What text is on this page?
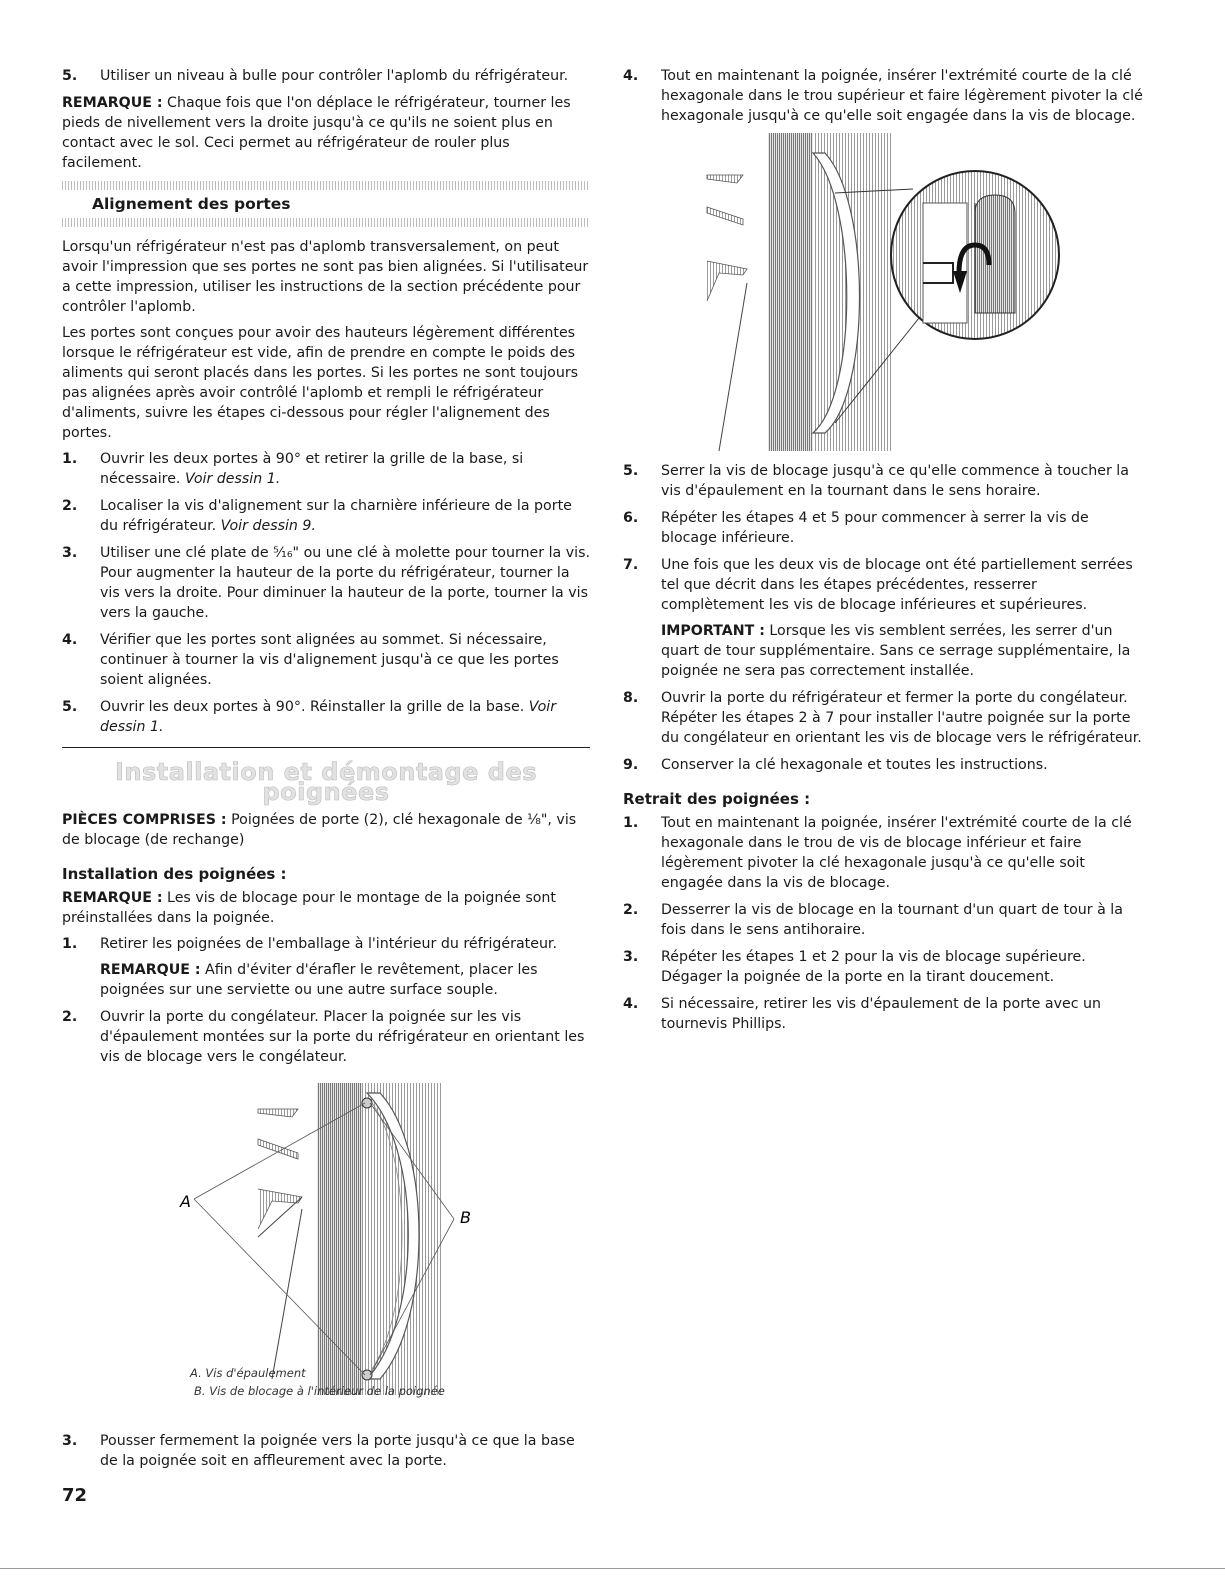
5. Utiliser un niveau à bulle pour contrôler l'aplomb du réfrigérateur.

REMARQUE : Chaque fois que l'on déplace le réfrigérateur, tourner les pieds de nivellement vers la droite jusqu'à ce qu'ils ne soient plus en contact avec le sol. Ceci permet au réfrigérateur de rouler plus facilement.

Alignement des portes

Lorsqu'un réfrigérateur n'est pas d'aplomb transversalement, on peut avoir l'impression que ses portes ne sont pas bien alignées. Si l'utilisateur a cette impression, utiliser les instructions de la section précédente pour contrôler l'aplomb.

Les portes sont conçues pour avoir des hauteurs légèrement différentes lorsque le réfrigérateur est vide, afin de prendre en compte le poids des aliments qui seront placés dans les portes. Si les portes ne sont toujours pas alignées après avoir contrôlé l'aplomb et rempli le réfrigérateur d'aliments, suivre les étapes ci-dessous pour régler l'alignement des portes.

1. Ouvrir les deux portes à 90° et retirer la grille de la base, si nécessaire. Voir dessin 1.
2. Localiser la vis d'alignement sur la charnière inférieure de la porte du réfrigérateur. Voir dessin 9.
3. Utiliser une clé plate de ⁵⁄₁₆" ou une clé à molette pour tourner la vis. Pour augmenter la hauteur de la porte du réfrigérateur, tourner la vis vers la droite. Pour diminuer la hauteur de la porte, tourner la vis vers la gauche.
4. Vérifier que les portes sont alignées au sommet. Si nécessaire, continuer à tourner la vis d'alignement jusqu'à ce que les portes soient alignées.
5. Ouvrir les deux portes à 90°. Réinstaller la grille de la base. Voir dessin 1.
Installation et démontage des poignées

PIÈCES COMPRISES : Poignées de porte (2), clé hexagonale de ⅛", vis de blocage (de rechange)

Installation des poignées :

REMARQUE : Les vis de blocage pour le montage de la poignée sont préinstallées dans la poignée.

1. Retirer les poignées de l'emballage à l'intérieur du réfrigérateur.
REMARQUE : Afin d'éviter d'érafler le revêtement, placer les poignées sur une serviette ou une autre surface souple.
2. Ouvrir la porte du congélateur. Placer la poignée sur les vis d'épaulement montées sur la porte du réfrigérateur en orientant les vis de blocage vers le congélateur.
A
B
A. Vis d'épaulement
B. Vis de blocage à l'intérieur de la poignée
3. Pousser fermement la poignée vers la porte jusqu'à ce que la base de la poignée soit en affleurement avec la porte.
4. Tout en maintenant la poignée, insérer l'extrémité courte de la clé hexagonale dans le trou supérieur et faire légèrement pivoter la clé hexagonale jusqu'à ce qu'elle soit engagée dans la vis de blocage.
5. Serrer la vis de blocage jusqu'à ce qu'elle commence à toucher la vis d'épaulement en la tournant dans le sens horaire.
6. Répéter les étapes 4 et 5 pour commencer à serrer la vis de blocage inférieure.
7. Une fois que les deux vis de blocage ont été partiellement serrées tel que décrit dans les étapes précédentes, resserrer complètement les vis de blocage inférieures et supérieures.
IMPORTANT : Lorsque les vis semblent serrées, les serrer d'un quart de tour supplémentaire. Sans ce serrage supplémentaire, la poignée ne sera pas correctement installée.
8. Ouvrir la porte du réfrigérateur et fermer la porte du congélateur. Répéter les étapes 2 à 7 pour installer l'autre poignée sur la porte du congélateur en orientant les vis de blocage vers le réfrigérateur.
9. Conserver la clé hexagonale et toutes les instructions.
Retrait des poignées :
1. Tout en maintenant la poignée, insérer l'extrémité courte de la clé hexagonale dans le trou de vis de blocage inférieur et faire légèrement pivoter la clé hexagonale jusqu'à ce qu'elle soit engagée dans la vis de blocage.
2. Desserrer la vis de blocage en la tournant d'un quart de tour à la fois dans le sens antihoraire.
3. Répéter les étapes 1 et 2 pour la vis de blocage supérieure. Dégager la poignée de la porte en la tirant doucement.
4. Si nécessaire, retirer les vis d'épaulement de la porte avec un tournevis Phillips.
72
